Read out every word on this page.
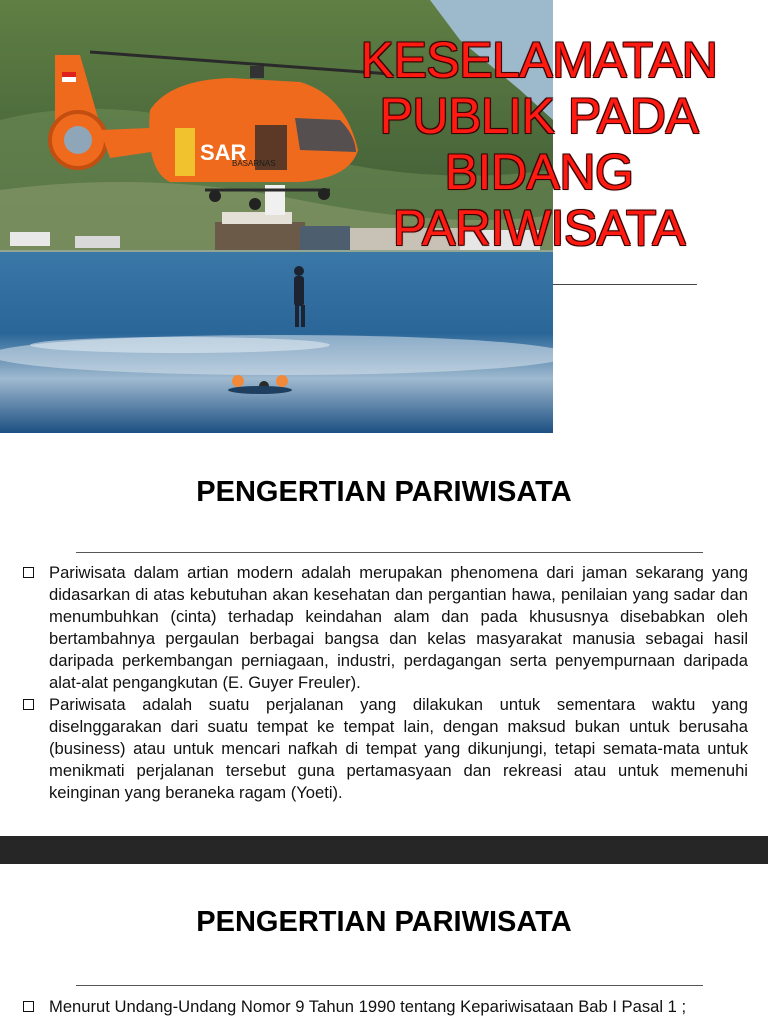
SAR
BASARNAS
KESELAMATAN
PUBLIK PADA
BIDANG
PARIWISATA
PENGERTIAN PARIWISATA
Pariwisata dalam artian modern adalah merupakan phenomena dari jaman sekarang yang didasarkan di atas kebutuhan akan kesehatan dan pergantian hawa, penilaian yang sadar dan menumbuhkan (cinta) terhadap keindahan alam dan pada khususnya disebabkan oleh bertambahnya pergaulan berbagai bangsa dan kelas masyarakat manusia sebagai hasil daripada perkembangan perniagaan, industri, perdagangan serta penyempurnaan daripada alat-alat pengangkutan (E. Guyer Freuler).
Pariwisata adalah suatu perjalanan yang dilakukan untuk sementara waktu yang diselnggarakan dari suatu tempat ke tempat lain, dengan maksud bukan untuk berusaha (business) atau untuk mencari nafkah di tempat yang dikunjungi, tetapi semata-mata untuk menikmati perjalanan tersebut guna pertamasyaan dan rekreasi atau untuk memenuhi keinginan yang beraneka ragam (Yoeti).
PENGERTIAN PARIWISATA
Menurut Undang-Undang Nomor 9 Tahun 1990 tentang Kepariwisataan Bab I Pasal 1 ;
